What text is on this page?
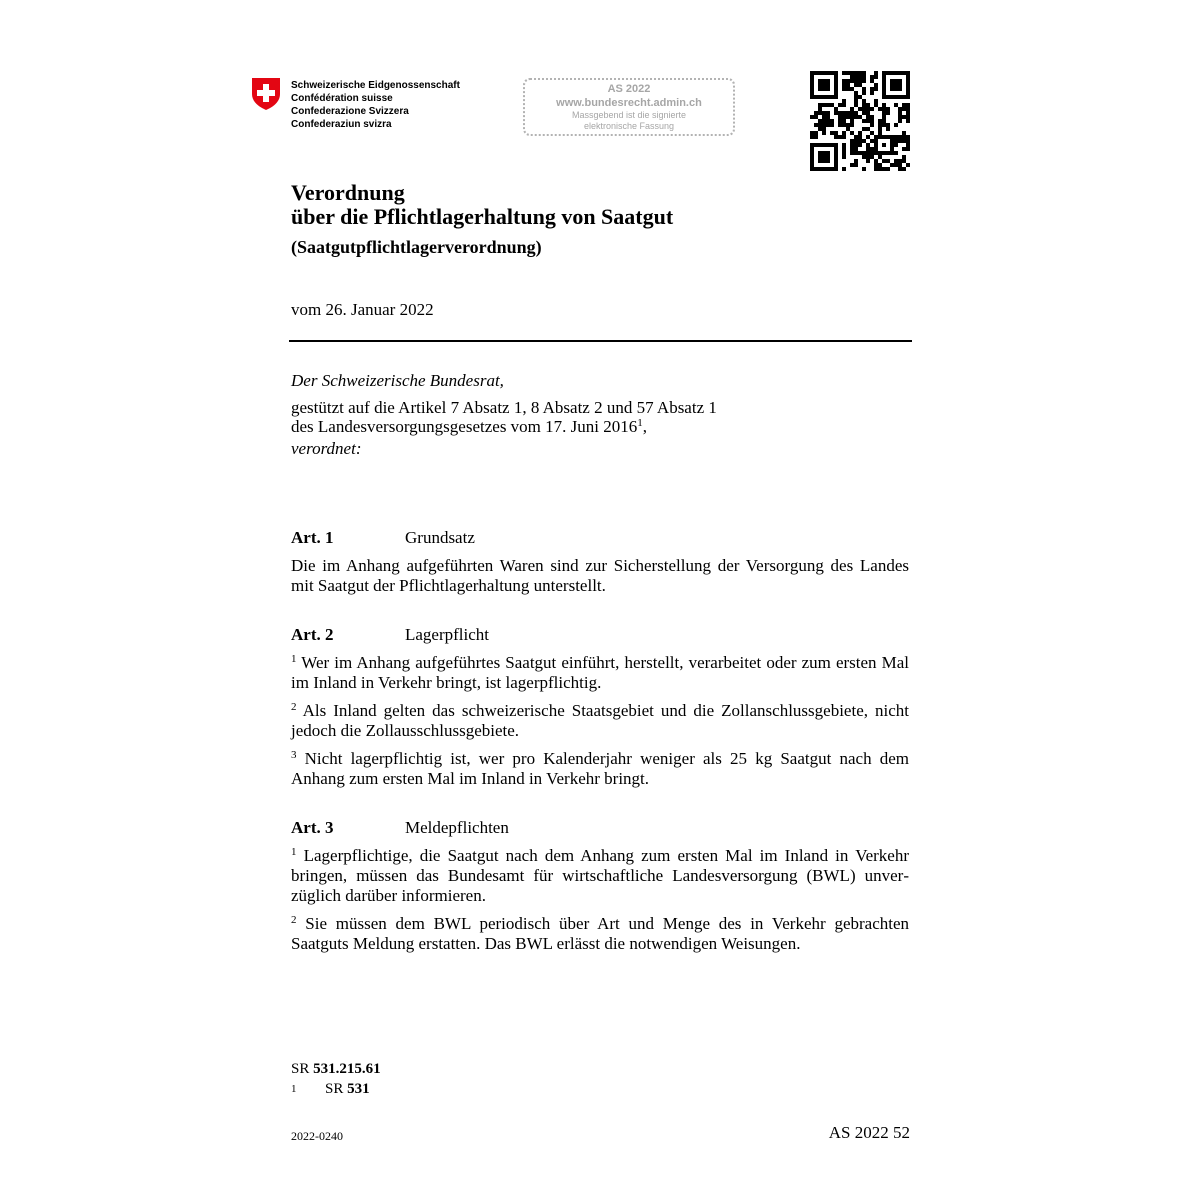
Schweizerische Eidgenossenschaft
Confédération suisse
Confederazione Svizzera
Confederaziun svizra
AS 2022
www.bundesrecht.admin.ch
Massgebend ist die signierte
elektronische Fassung
Verordnung
über die Pflichtlagerhaltung von Saatgut
(Saatgutpflichtlagerverordnung)
vom 26. Januar 2022
Der Schweizerische Bundesrat,

gestützt auf die Artikel 7 Absatz 1, 8 Absatz 2 und 57 Absatz 1

des Landesversorgungsgesetzes vom 17. Juni 2016$^1$,

verordnet:
Art. 1	Grundsatz

Die im Anhang aufgeführten Waren sind zur Sicherstellung der Versorgung des Landes mit Saatgut der Pflichtlagerhaltung unterstellt.

Art. 2	Lagerpflicht

$^1$ Wer im Anhang aufgeführtes Saatgut einführt, herstellt, verarbeitet oder zum ersten Mal im Inland in Verkehr bringt, ist lagerpflichtig.

$^2$ Als Inland gelten das schweizerische Staatsgebiet und die Zollanschlussgebiete, nicht jedoch die Zollausschlussgebiete.

$^3$ Nicht lagerpflichtig ist, wer pro Kalenderjahr weniger als 25 kg Saatgut nach dem Anhang zum ersten Mal im Inland in Verkehr bringt.

Art. 3	Meldepflichten

$^1$ Lagerpflichtige, die Saatgut nach dem Anhang zum ersten Mal im Inland in Verkehr bringen, müssen das Bundesamt für wirtschaftliche Landesversorgung (BWL) unverzüglich darüber informieren.

$^2$ Sie müssen dem BWL periodisch über Art und Menge des in Verkehr gebrachten Saatguts Meldung erstatten. Das BWL erlässt die notwendigen Weisungen.

SR 531.215.61
$^1$ SR 531
2022-0240	AS 2022 52
